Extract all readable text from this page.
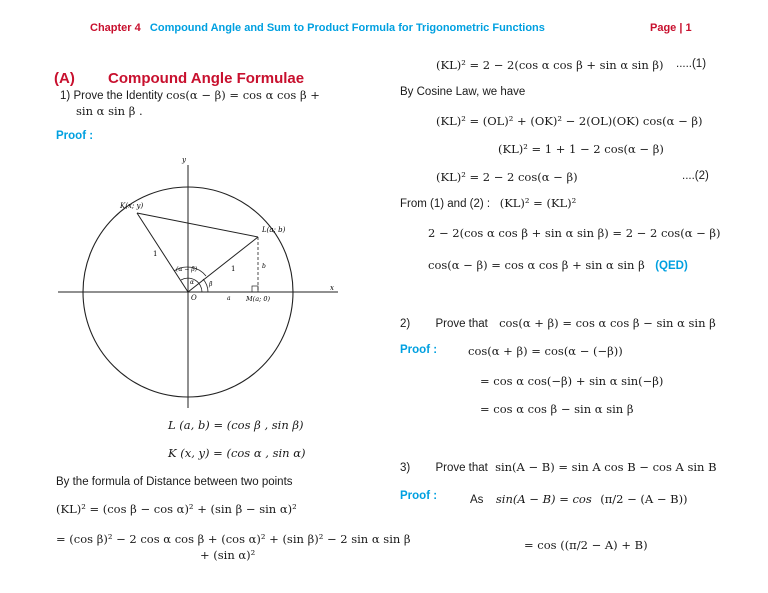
Chapter 4 Compound Angle and Sum to Product Formula for Trigonometric Functions	Page | 1
(A) Compound Angle Formulae
1) Prove the Identity cos(α − β) = cos α cos β +
sin α sin β .
Proof :
y
x
K(x; y)
L(a; b)
M(a; 0)
O
1
1
(α − β)
α β
a
b
L (a, b) = (cos β , sin β)
K (x, y) = (cos α , sin α)
By the formula of Distance between two points
(KL)² = (cos β − cos α)² + (sin β − sin α)²
= (cos β)² − 2 cos α cos β + (cos α)² + (sin β)² − 2 sin α sin β
+ (sin α)²
(KL)² = 2 − 2(cos α cos β + sin α sin β) .....(1)
By Cosine Law, we have
(KL)² = (OL)² + (OK)² − 2(OL)(OK) cos(α − β)
(KL)² = 1 + 1 − 2 cos(α − β)
(KL)² = 2 − 2 cos(α − β)	....(2)
From (1) and (2) : (KL)² = (KL)²
2 − 2(cos α cos β + sin α sin β) = 2 − 2 cos(α − β)
cos(α − β) = cos α cos β + sin α sin β (QED)
2) Prove that cos(α + β) = cos α cos β − sin α sin β
Proof :	cos(α + β) = cos(α − (−β))
= cos α cos(−β) + sin α sin(−β)
= cos α cos β − sin α sin β
3) Prove that sin(A − B) = sin A cos B − cos A sin B
Proof :	As sin(A − B) = cos (π/2 − (A − B))
= cos ((π/2 − A) + B)
